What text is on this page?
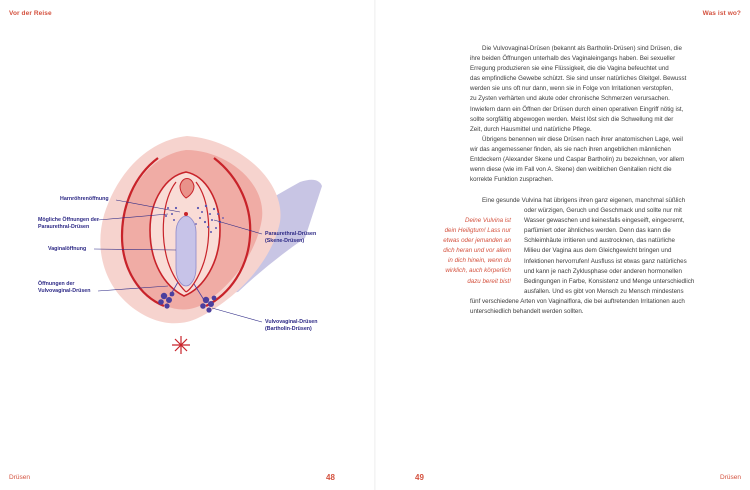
Vor der Reise
Harnröhrenöffnung
Mögliche Öffnungen der
Paraurethral-Drüsen
Vaginalöffnung
Öffnungen der
Vulvovaginal-Drüsen
Paraurethral-Drüsen
(Skene-Drüsen)
Vulvovaginal-Drüsen
(Bartholin-Drüsen)
Drüsen	48
Was ist wo?
Die Vulvovaginal-Drüsen (bekannt als Bartholin-Drüsen) sind Drüsen, die
ihre beiden Öffnungen unterhalb des Vaginaleingangs haben. Bei sexueller
Erregung produzieren sie eine Flüssigkeit, die die Vagina befeuchtet und
das empfindliche Gewebe schützt. Sie sind unser natürliches Gleitgel. Bewusst
werden sie uns oft nur dann, wenn sie in Folge von Irritationen verstopfen,
zu Zysten verhärten und akute oder chronische Schmerzen verursachen.
Inwiefern dann ein Öffnen der Drüsen durch einen operativen Eingriff nötig ist,
sollte sorgfältig abgewogen werden. Meist löst sich die Schwellung mit der
Zeit, durch Hausmittel und natürliche Pflege.
Übrigens benennen wir diese Drüsen nach ihrer anatomischen Lage, weil
wir das angemessener finden, als sie nach ihren angeblichen männlichen
Entdeckern (Alexander Skene und Caspar Bartholin) zu bezeichnen, vor allem
wenn diese (wie im Fall von A. Skene) den weiblichen Genitalien nicht die
korrekte Funktion zusprachen.
Deine Vulvina ist
dein Heiligtum! Lass nur
etwas oder jemanden an
dich heran und vor allem
in dich hinein, wenn du
wirklich, auch körperlich
dazu bereit bist!
Eine gesunde Vulvina hat übrigens ihren ganz eigenen, manchmal süßlich
oder würzigen, Geruch und Geschmack und sollte nur mit
Wasser gewaschen und keinesfalls eingeseift, eingecremt,
parfümiert oder ähnliches werden. Denn das kann die
Schleimhäute irritieren und austrocknen, das natürliche
Milieu der Vagina aus dem Gleichgewicht bringen und
Infektionen hervorrufen! Ausfluss ist etwas ganz natürliches
und kann je nach Zyklusphase oder anderen hormonellen
Bedingungen in Farbe, Konsistenz und Menge unterschiedlich
ausfallen. Und es gibt von Mensch zu Mensch mindestens
fünf verschiedene Arten von Vaginalflora, die bei auftretenden Irritationen auch
unterschiedlich behandelt werden sollten.
49	Drüsen
